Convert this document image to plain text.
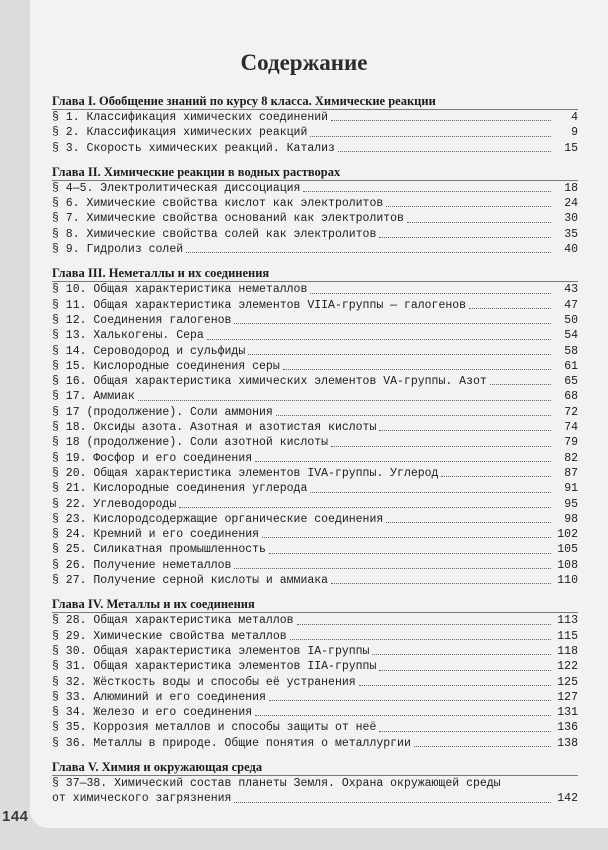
144
Содержание
Глава I. Обобщение знаний по курсу 8 класса. Химические реакции
§ 1. Классификация химических соединений	4
§ 2. Классификация химических реакций	9
§ 3. Скорость химических реакций. Катализ	15
Глава II. Химические реакции в водных растворах
§ 4—5. Электролитическая диссоциация	18
§ 6. Химические свойства кислот как электролитов	24
§ 7. Химические свойства оснований как электролитов	30
§ 8. Химические свойства солей как электролитов	35
§ 9. Гидролиз солей	40
Глава III. Неметаллы и их соединения
§ 10. Общая характеристика неметаллов	43
§ 11. Общая характеристика элементов VIIA-группы — галогенов	47
§ 12. Соединения галогенов	50
§ 13. Халькогены. Сера	54
§ 14. Сероводород и сульфиды	58
§ 15. Кислородные соединения серы	61
§ 16. Общая характеристика химических элементов VA-группы. Азот	65
§ 17. Аммиак	68
§ 17 (продолжение). Соли аммония	72
§ 18. Оксиды азота. Азотная и азотистая кислоты	74
§ 18 (продолжение). Соли азотной кислоты	79
§ 19. Фосфор и его соединения	82
§ 20. Общая характеристика элементов IVA-группы. Углерод	87
§ 21. Кислородные соединения углерода	91
§ 22. Углеводороды	95
§ 23. Кислородсодержащие органические соединения	98
§ 24. Кремний и его соединения	102
§ 25. Силикатная промышленность	105
§ 26. Получение неметаллов	108
§ 27. Получение серной кислоты и аммиака	110
Глава IV. Металлы и их соединения
§ 28. Общая характеристика металлов	113
§ 29. Химические свойства металлов	115
§ 30. Общая характеристика элементов IA-группы	118
§ 31. Общая характеристика элементов IIA-группы	122
§ 32. Жёсткость воды и способы её устранения	125
§ 33. Алюминий и его соединения	127
§ 34. Железо и его соединения	131
§ 35. Коррозия металлов и способы защиты от неё	136
§ 36. Металлы в природе. Общие понятия о металлургии	138
Глава V. Химия и окружающая среда
§ 37—38. Химический состав планеты Земля. Охрана окружающей среды
от химического загрязнения	142
